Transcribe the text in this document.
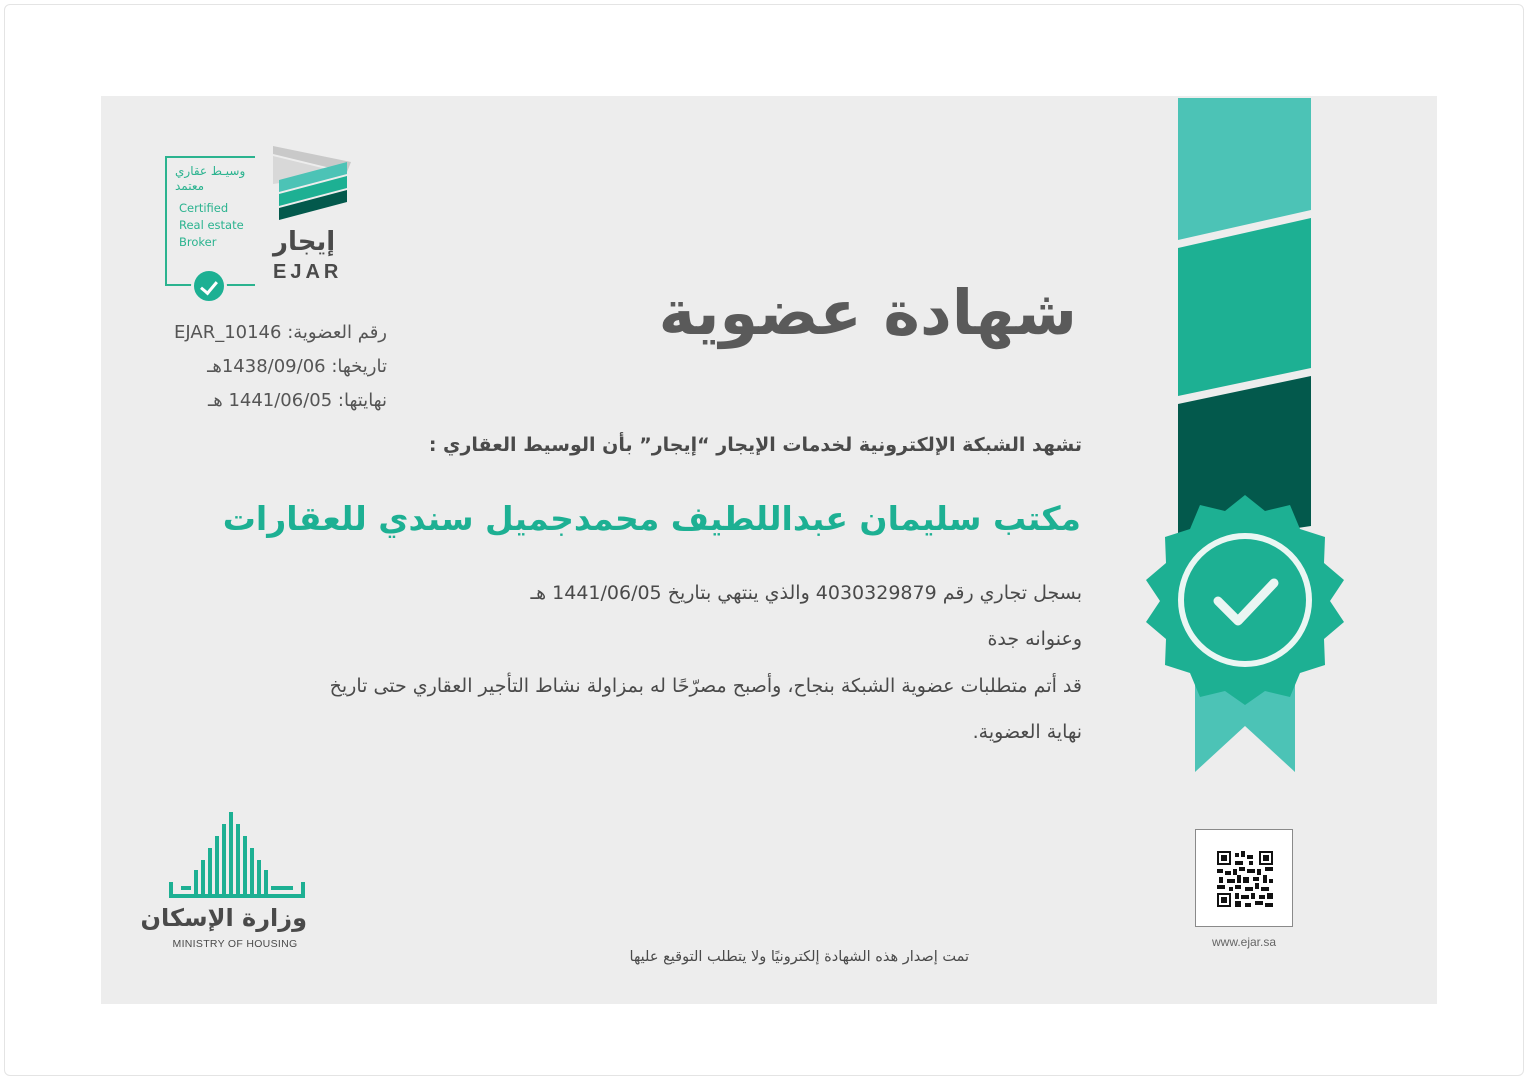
وسيـط عقاري معتمد
Certified
Real estate
Broker	إيجار
EJAR
رقم العضوية: EJAR_10146
تاريخها: 1438/09/06هـ
نهايتها: 1441/06/05 هـ
شهادة عضوية
تشهد الشبكة الإلكترونية لخدمات الإيجار “إيجار” بأن الوسيط العقاري :
مكتب سليمان عبداللطيف محمدجميل سندي للعقارات
بسجل تجاري رقم 4030329879 والذي ينتهي بتاريخ 1441/06/05 هـ
وعنوانه جدة
قد أتم متطلبات عضوية الشبكة بنجاح، وأصبح مصرّحًا له بمزاولة نشاط التأجير العقاري حتى تاريخ
نهاية العضوية.
وزارة الإسكان
MINISTRY OF HOUSING	www.ejar.sa
تمت إصدار هذه الشهادة إلكترونيًا ولا يتطلب التوقيع عليها
